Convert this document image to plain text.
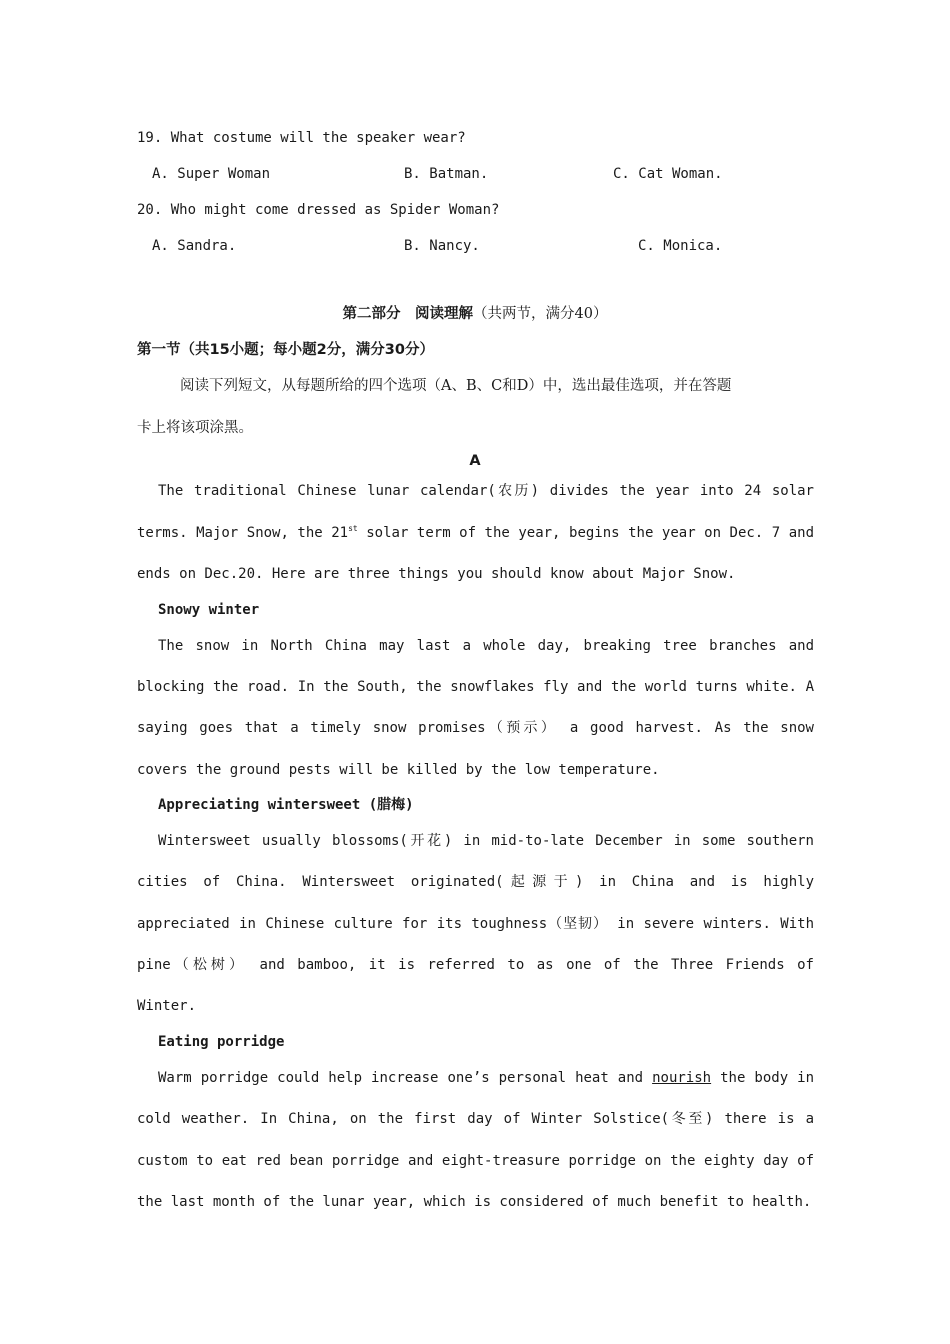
19. What costume will the speaker wear?
A. Super Woman	B. Batman.	C. Cat Woman.
20. Who might come dressed as Spider Woman?
A. Sandra.	B. Nancy.	C. Monica.
第二部分　阅读理解（共两节，满分40）
第一节（共15小题；每小题2分，满分30分）
阅读下列短文，从每题所给的四个选项（A、B、C和D）中，选出最佳选项，并在答题
卡上将该项涂黑。
A
The traditional Chinese lunar calendar(农历) divides the year into 24 solar
terms. Major Snow, the 21st solar term of the year, begins the year on Dec. 7 and
ends on Dec.20. Here are three things you should know about Major Snow.
Snowy winter
The snow in North China may last a whole day, breaking tree branches and
blocking the road. In the South, the snowflakes fly and the world turns white. A
saying goes that a timely snow promises（预示） a good harvest. As the snow
covers the ground pests will be killed by the low temperature.
Appreciating wintersweet (腊梅)
Wintersweet usually blossoms(开花) in mid-to-late December in some southern
cities of China. Wintersweet originated(起源于) in China and is highly
appreciated in Chinese culture for its toughness（坚韧） in severe winters. With
pine（松树） and bamboo, it is referred to as one of the Three Friends of
Winter.
Eating porridge
Warm porridge could help increase one’s personal heat and nourish the body in
cold weather. In China, on the first day of Winter Solstice(冬至) there is a
custom to eat red bean porridge and eight-treasure porridge on the eighty day of
the last month of the lunar year, which is considered of much benefit to health.
